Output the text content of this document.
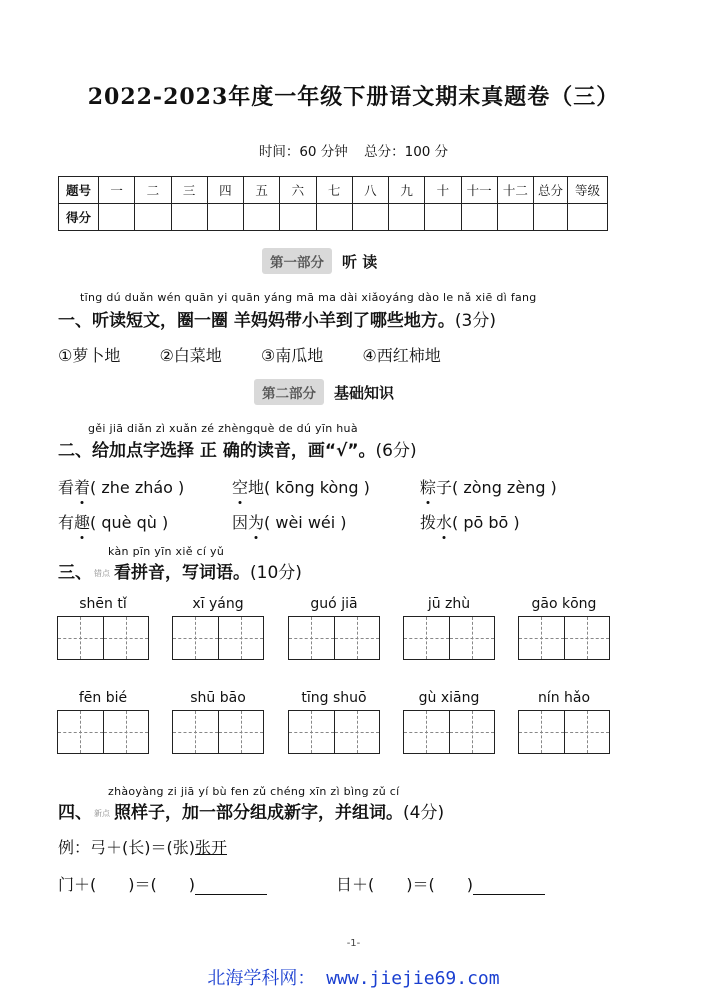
2022-2023年度一年级下册语文期末真题卷（三）
时间：60 分钟 总分：100 分
题号	一	二	三	四	五	六	七	八	九	十	十一	十二	总分	等级
得分														
第一部分 听 读
tīng dú duǎn wén quān yi quān yáng mā ma dài xiǎoyáng dào le nǎ xiē dì fang
一、听读短文，圈一圈 羊妈妈带小羊到了哪些地方。(3分)
①萝卜地 ②白菜地 ③南瓜地 ④西红柿地
第二部分 基础知识
gěi jiā diǎn zì xuǎn zé zhèngquè de dú yīn huà
二、给加点字选择 正 确的读音，画“√”。(6分)
看着( zhe zháo )	空地( kōng kòng )	粽子( zòng zèng )
有趣( què qù )	因为( wèi wéi )	拨水( pō bō )
kàn pīn yīn xiě cí yǔ
三、 错点 看拼音，写词语。(10分)
shēn tǐ	xī yáng	guó jiā	jū zhù	gāo kōng
fēn bié	shū bāo	tīng shuō	gù xiāng	nín hǎo
zhàoyàng zi jiā yí bù fen zǔ chéng xīn zì bìng zǔ cí
四、 新点 照样子，加一部分组成新字，并组词。(4分)
例：弓＋(长)＝(张)张开
门＋(　　)＝(　　)	日＋(　　)＝(　　)
-1-
北海学科网： www.jiejie69.com
